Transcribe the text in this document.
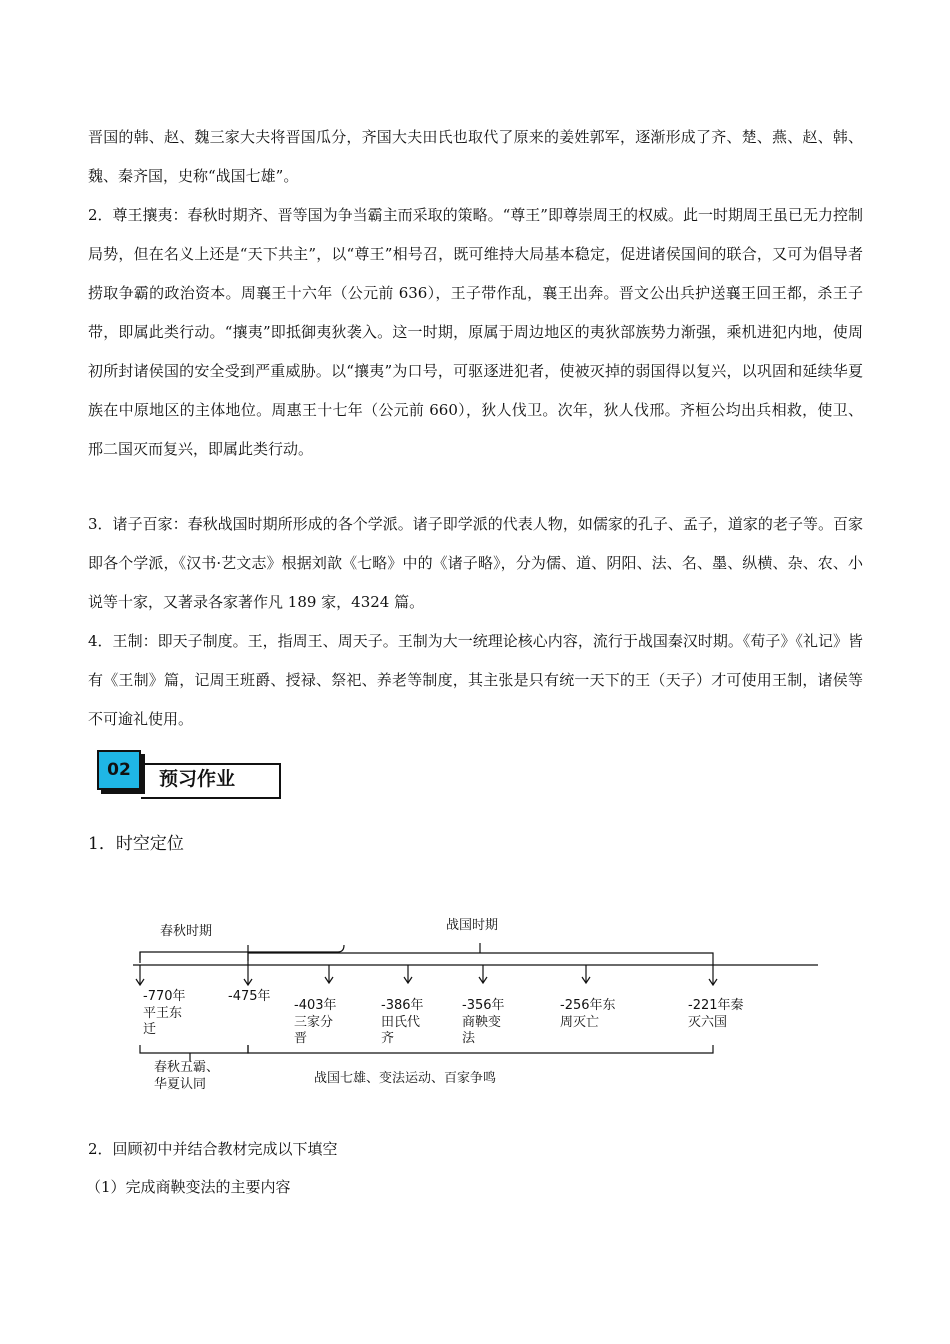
晋国的韩、赵、魏三家大夫将晋国瓜分，齐国大夫田氏也取代了原来的姜姓郭军，逐渐形成了齐、楚、燕、赵、韩、魏、秦齐国，史称“战国七雄”。

2．尊王攘夷：春秋时期齐、晋等国为争当霸主而采取的策略。“尊王”即尊崇周王的权威。此一时期周王虽已无力控制局势，但在名义上还是“天下共主”，以“尊王”相号召，既可维持大局基本稳定，促进诸侯国间的联合，又可为倡导者捞取争霸的政治资本。周襄王十六年（公元前 636），王子带作乱，襄王出奔。晋文公出兵护送襄王回王都，杀王子带，即属此类行动。“攘夷”即抵御夷狄袭入。这一时期，原属于周边地区的夷狄部族势力渐强，乘机进犯内地，使周初所封诸侯国的安全受到严重威胁。以“攘夷”为口号，可驱逐进犯者，使被灭掉的弱国得以复兴，以巩固和延续华夏族在中原地区的主体地位。周惠王十七年（公元前 660），狄人伐卫。次年，狄人伐邢。齐桓公均出兵相救，使卫、邢二国灭而复兴，即属此类行动。

3．诸子百家：春秋战国时期所形成的各个学派。诸子即学派的代表人物，如儒家的孔子、孟子，道家的老子等。百家即各个学派，《汉书·艺文志》根据刘歆《七略》中的《诸子略》，分为儒、道、阴阳、法、名、墨、纵横、杂、农、小说等十家，又著录各家著作凡 189 家，4324 篇。

4．王制：即天子制度。王，指周王、周天子。王制为大一统理论核心内容，流行于战国秦汉时期。《荀子》《礼记》皆有《王制》篇，记周王班爵、授禄、祭祀、养老等制度，其主张是只有统一天下的王（天子）才可使用王制，诸侯等不可逾礼使用。

02	预习作业
1．时空定位
春秋时期	战国时期
-770年
平王东
迁
-475年
-403年
三家分
晋
-386年
田氏代
齐
-356年
商鞅变
法
-256年东
周灭亡
-221年秦
灭六国
春秋五霸、
华夏认同	战国七雄、变法运动、百家争鸣
2．回顾初中并结合教材完成以下填空
（1）完成商鞅变法的主要内容
